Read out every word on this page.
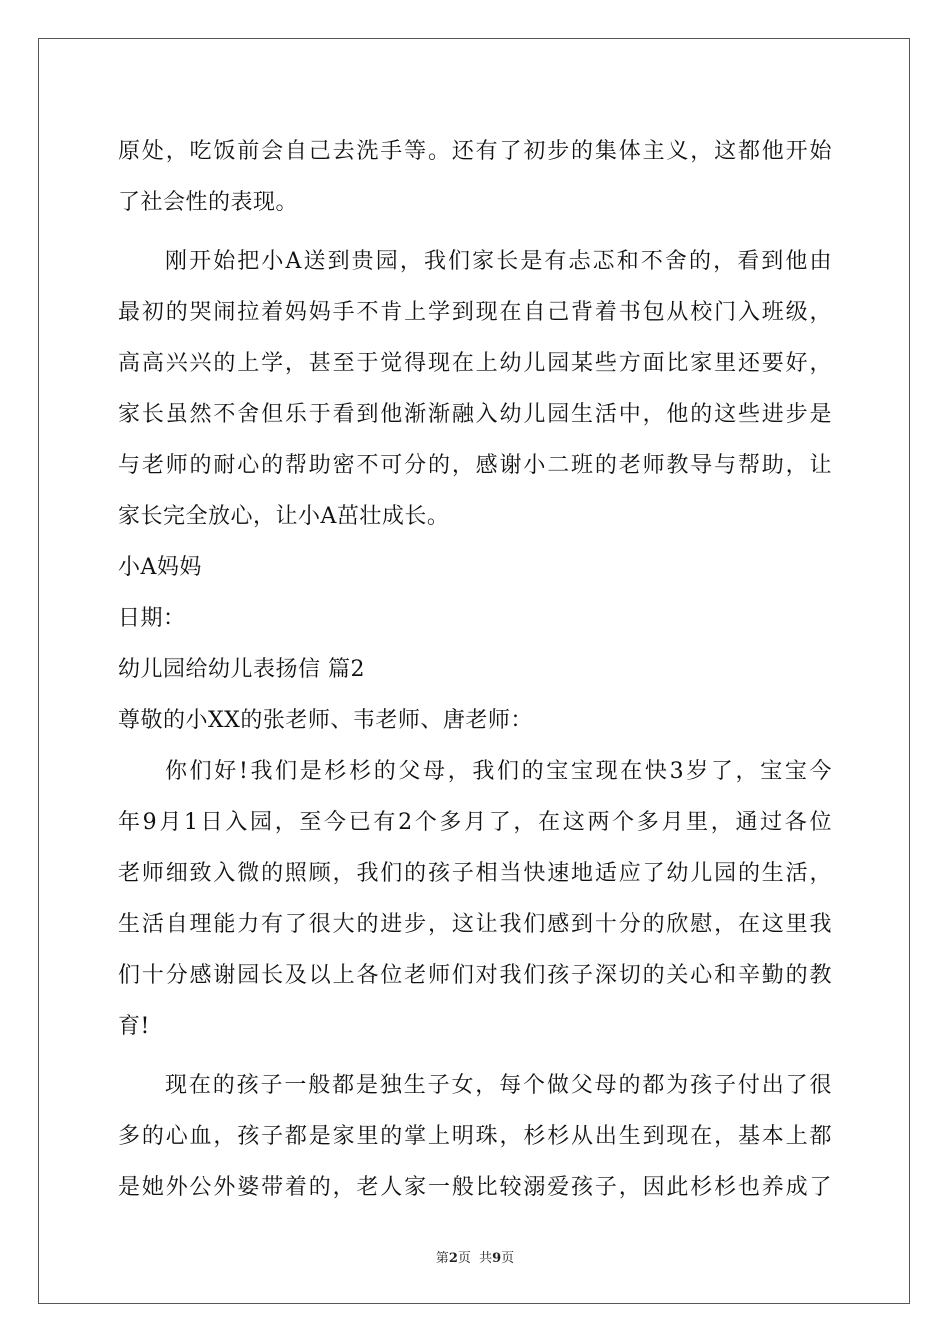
原处，吃饭前会自己去洗手等。还有了初步的集体主义，这都他开始
了社会性的表现。
刚开始把小A送到贵园，我们家长是有忐忑和不舍的，看到他由
最初的哭闹拉着妈妈手不肯上学到现在自己背着书包从校门入班级，
高高兴兴的上学，甚至于觉得现在上幼儿园某些方面比家里还要好，
家长虽然不舍但乐于看到他渐渐融入幼儿园生活中，他的这些进步是
与老师的耐心的帮助密不可分的，感谢小二班的老师教导与帮助，让
家长完全放心，让小A茁壮成长。
小A妈妈
日期：
幼儿园给幼儿表扬信 篇2
尊敬的小XX的张老师、韦老师、唐老师：
你们好!我们是杉杉的父母，我们的宝宝现在快3岁了，宝宝今
年9月1日入园，至今已有2个多月了，在这两个多月里，通过各位
老师细致入微的照顾，我们的孩子相当快速地适应了幼儿园的生活，
生活自理能力有了很大的进步，这让我们感到十分的欣慰，在这里我
们十分感谢园长及以上各位老师们对我们孩子深切的关心和辛勤的教
育!
现在的孩子一般都是独生子女，每个做父母的都为孩子付出了很
多的心血，孩子都是家里的掌上明珠，杉杉从出生到现在，基本上都
是她外公外婆带着的，老人家一般比较溺爱孩子，因此杉杉也养成了
第2页  共9页
